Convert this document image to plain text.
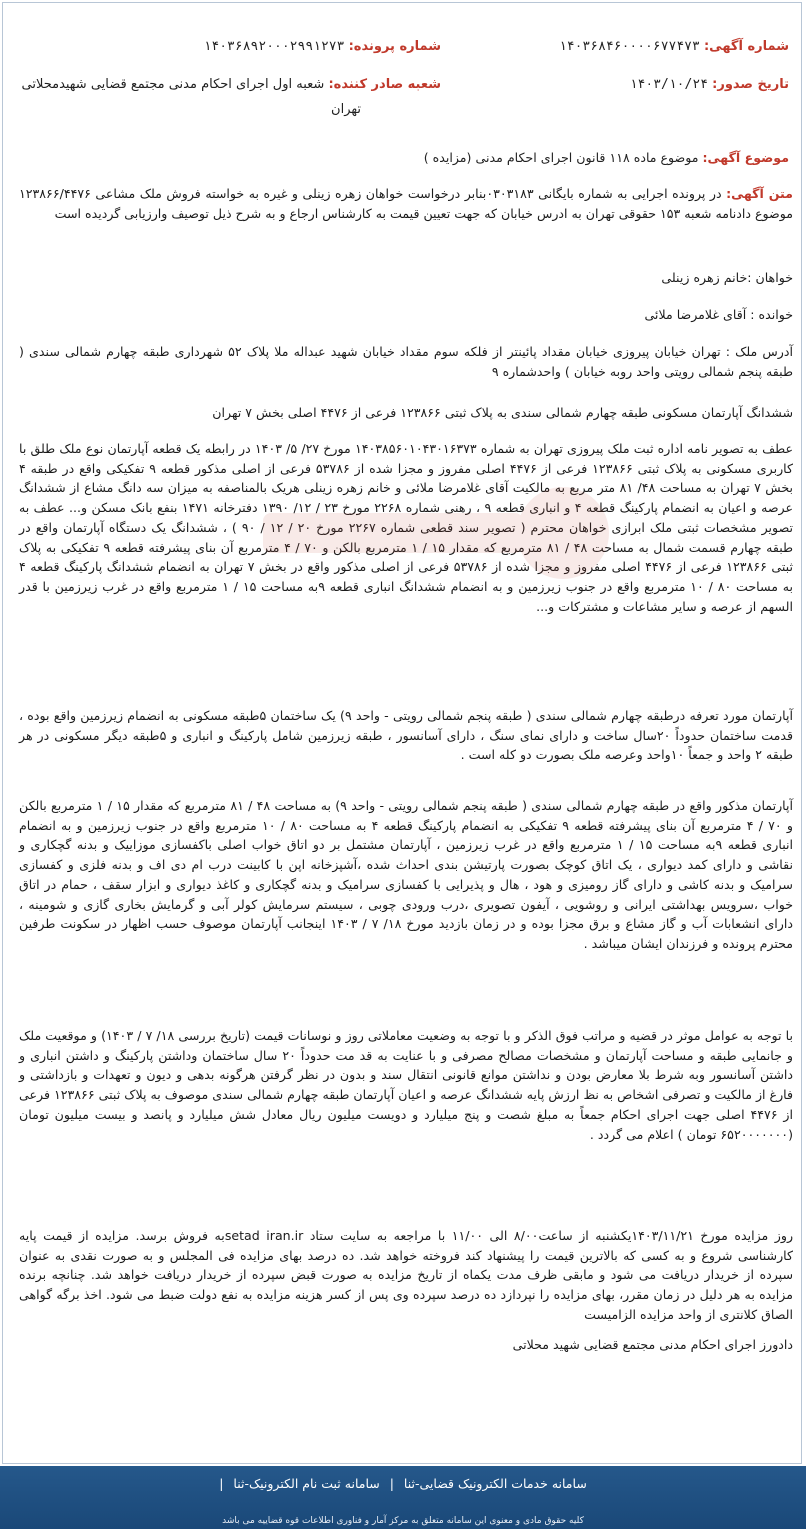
شماره آگهی: ۱۴۰۳۶۸۴۶۰۰۰۰۶۷۷۴۷۳
شماره پرونده: ۱۴۰۳۶۸۹۲۰۰۰۲۹۹۱۲۷۳
تاریخ صدور: ۱۴۰۳/۱۰/۲۴
شعبه صادر کننده: شعبه اول اجرای احکام مدنی مجتمع قضایی شهیدمحلاتی
تهران
موضوع آگهی: موضوع ماده ۱۱۸ قانون اجرای احکام مدنی (مزایده )
متن آگهی: در پرونده اجرایی به شماره بایگانی ۰۳۰۳۱۸۳بنابر درخواست خواهان زهره زینلی و غیره به خواسته فروش ملک مشاعی ۱۲۳۸۶۶/۴۴۷۶ موضوع دادنامه شعبه ۱۵۳ حقوقی تهران به ادرس خیابان که جهت تعیین قیمت به کارشناس ارجاع و به شرح ذیل توصیف وارزیابی گردیده است
خواهان :خانم زهره زینلی
خوانده : آقای غلامرضا ملائی
آدرس ملک : تهران خیابان پیروزی خیابان مقداد پائینتر از فلکه سوم مقداد خیابان شهید عبداله ملا پلاک ۵۲ شهرداری طبقه چهارم شمالی سندی ( طبقه پنجم شمالی رویتی واحد روبه خیابان ) واحدشماره ۹
ششدانگ آپارتمان مسکونی طبقه چهارم شمالی سندی به پلاک ثبتی ۱۲۳۸۶۶ فرعی از ۴۴۷۶ اصلی بخش ۷ تهران
عطف به تصویر نامه اداره ثبت ملک پیروزی تهران به شماره ۱۴۰۳۸۵۶۰۱۰۴۳۰۱۶۳۷۳ مورخ ۲۷/ ۵/ ۱۴۰۳ در رابطه یک قطعه آپارتمان نوع ملک طلق با کاربری مسکونی به پلاک ثبتی ۱۲۳۸۶۶ فرعی از ۴۴۷۶ اصلی مفروز و مجزا شده از ۵۳۷۸۶ فرعی از اصلی مذکور قطعه ۹ تفکیکی واقع در طبقه ۴ بخش ۷ تهران به مساحت ۴۸/ ۸۱ متر مربع به مالکیت آقای غلامرضا ملائی و خانم زهره زینلی هریک بالمناصفه به میزان سه دانگ مشاع از ششدانگ عرصه و اعیان به انضمام پارکینگ قطعه ۴ و انباری قطعه ۹ ، رهنی شماره ۲۲۶۸ مورخ ۲۳ / ۱۲/ ۱۳۹۰ دفترخانه ۱۴۷۱ بنفع بانک مسکن و... عطف به تصویر مشخصات ثبتی ملک ابرازی خواهان محترم ( تصویر سند قطعی شماره ۲۲۶۷ مورخ ۲۰ / ۱۲ / ۹۰ ) ، ششدانگ یک دستگاه آپارتمان واقع در طبقه چهارم قسمت شمال به مساحت ۴۸ / ۸۱ مترمربع که مقدار ۱۵ / ۱ مترمربع بالکن و ۷۰ / ۴ مترمربع آن بنای پیشرفته قطعه ۹ تفکیکی به پلاک ثبتی ۱۲۳۸۶۶ فرعی از ۴۴۷۶ اصلی مفروز و مجزا شده از ۵۳۷۸۶ فرعی از اصلی مذکور واقع در بخش ۷ تهران به انضمام ششدانگ پارکینگ قطعه ۴ به مساحت ۸۰ / ۱۰ مترمربع واقع در جنوب زیرزمین و به انضمام ششدانگ انباری قطعه ۹به مساحت ۱۵ / ۱ مترمربع واقع در غرب زیرزمین با قدر السهم از عرصه و سایر مشاعات و مشترکات و...
آپارتمان مورد تعرفه درطبقه چهارم شمالی سندی ( طبقه پنجم شمالی رویتی - واحد ۹) یک ساختمان ۵طبقه مسکونی به انضمام زیرزمین واقع بوده ، قدمت ساختمان حدوداً ۲۰سال ساخت و دارای نمای سنگ ، دارای آسانسور ، طبقه زیرزمین شامل پارکینگ و انباری و ۵طبقه دیگر مسکونی در هر طبقه ۲ واحد و جمعاً ۱۰واحد وعرصه ملک بصورت دو کله است .
آپارتمان مذکور واقع در طبقه چهارم شمالی سندی ( طبقه پنجم شمالی رویتی - واحد ۹) به مساحت ۴۸ / ۸۱ مترمربع که مقدار ۱۵ / ۱ مترمربع بالکن و ۷۰ / ۴ مترمربع آن بنای پیشرفته قطعه ۹ تفکیکی به انضمام پارکینگ قطعه ۴ به مساحت ۸۰ / ۱۰ مترمربع واقع در جنوب زیرزمین و به انضمام انباری قطعه ۹به مساحت ۱۵ / ۱ مترمربع واقع در غرب زیرزمین ، آپارتمان مشتمل بر دو اتاق خواب اصلی باکفسازی موزاییک و بدنه گچکاری و نقاشی و دارای کمد دیواری ، یک اتاق کوچک بصورت پارتیشن بندی احداث شده ،آشپزخانه اپن با کابینت درب ام دی اف و بدنه فلزی و کفسازی سرامیک و بدنه کاشی و دارای گاز رومیزی و هود ، هال و پذیرایی با کفسازی سرامیک و بدنه گچکاری و کاغذ دیواری و ابزار سقف ، حمام در اتاق خواب ،سرویس بهداشتی ایرانی و روشویی ، آیفون تصویری ،درب ورودی چوبی ، سیستم سرمایش کولر آبی و گرمایش بخاری گازی و شومینه ، دارای انشعابات آب و گاز مشاع و برق مجزا بوده و در زمان بازدید مورخ ۱۸/ ۷ / ۱۴۰۳ اینجانب آپارتمان موصوف حسب اظهار در سکونت طرفین محترم پرونده و فرزندان ایشان میباشد .
با توجه به عوامل موثر در قضیه و مراتب فوق الذکر و با توجه به وضعیت معاملاتی روز و نوسانات قیمت (تاریخ بررسی ۱۸/ ۷ / ۱۴۰۳) و موقعیت ملک و جانمایی طبقه و مساحت آپارتمان و مشخصات مصالح مصرفی و با عنایت به قد مت حدوداً ۲۰ سال ساختمان وداشتن پارکینگ و داشتن انباری و داشتن آسانسور وبه شرط بلا معارض بودن و نداشتن موانع قانونی انتقال سند و بدون در نظر گرفتن هرگونه بدهی و دیون و تعهدات و بازداشتی و فارغ از مالکیت و تصرفی اشخاص به نظ ارزش پایه ششدانگ عرصه و اعیان آپارتمان طبقه چهارم شمالی سندی موصوف به پلاک ثبتی ۱۲۳۸۶۶ فرعی از ۴۴۷۶ اصلی جهت اجرای احکام جمعاً به مبلغ شصت و پنج میلیارد و دویست میلیون ریال معادل شش میلیارد و پانصد و بیست میلیون تومان (۶۵۲۰۰۰۰۰۰۰ تومان ) اعلام می گردد .
روز مزایده مورخ ۱۴۰۳/۱۱/۲۱یکشنبه از ساعت۸/۰۰ الی ۱۱/۰۰ با مراجعه به سایت ستاد setad iran.irبه فروش برسد. مزایده از قیمت پایه کارشناسی شروع و به کسی که بالاترین قیمت را پیشنهاد کند فروخته خواهد شد. ده درصد بهای مزایده فی المجلس و به صورت نقدی به عنوان سپرده از خریدار دریافت می شود و مابقی ظرف مدت یکماه از تاریخ مزایده به صورت قبض سپرده از خریدار دریافت خواهد شد. چنانچه برنده مزایده به هر دلیل در زمان مقرر، بهای مزایده را نپردازد ده درصد سپرده وی پس از کسر هزینه مزایده به نفع دولت ضبط می شود. اخذ برگه گواهی الصاق کلانتری از واحد مزایده الزامیست
دادورز اجرای احکام مدنی مجتمع قضایی شهید محلاتی
سامانه خدمات الکترونیک قضایی-ثنا | سامانه ثبت نام الکترونیک-ثنا |
کلیه حقوق مادی و معنوی این سامانه متعلق به مرکز آمار و فناوری اطلاعات قوه قضاییه می باشد
